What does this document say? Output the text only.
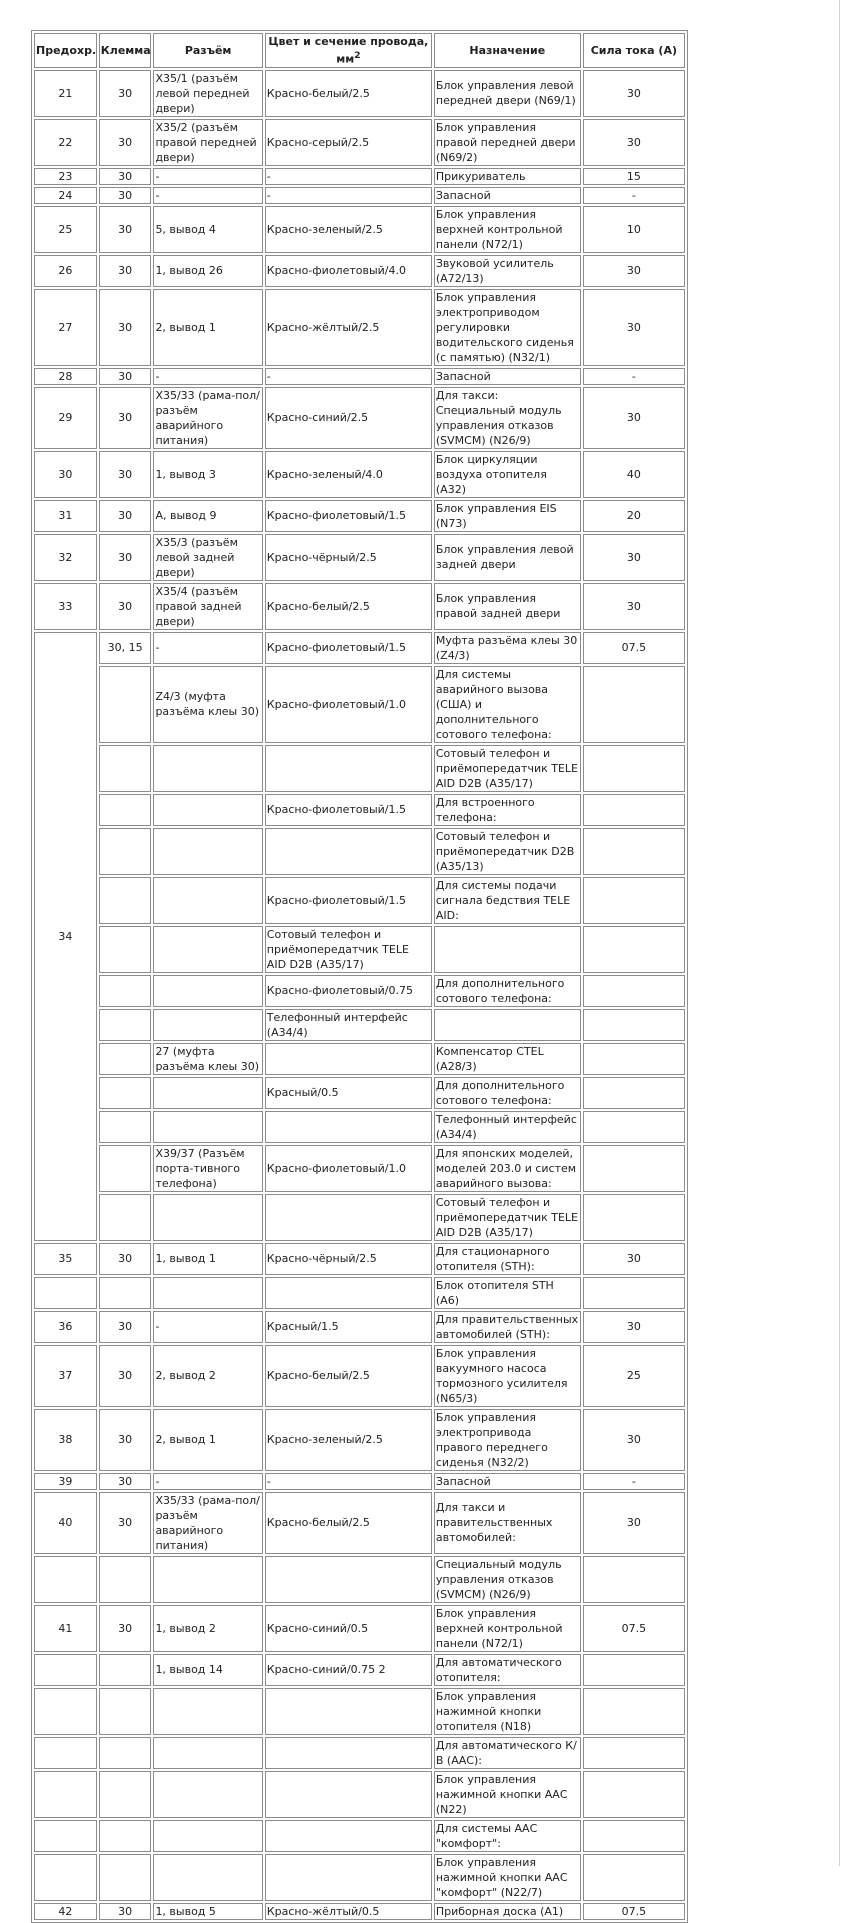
Предохр.	Клемма	Разъём	Цвет и сечение провода, $мм^2$	Назначение	Сила тока (А)
21	30	X35/1 (разъём левой передней двери)	Красно-белый/2.5	Блок управления левой передней двери (N69/1)	30
22	30	X35/2 (разъём правой передней двери)	Красно-серый/2.5	Блок управления правой передней двери (N69/2)	30
23	30	-	-	Прикуриватель	15
24	30	-	-	Запасной	-
25	30	5, вывод 4	Красно-зеленый/2.5	Блок управления верхней контрольной панели (N72/1)	10
26	30	1, вывод 26	Красно-фиолетовый/4.0	Звуковой усилитель (А72/13)	30
27	30	2, вывод 1	Красно-жёлтый/2.5	Блок управления электроприводом регулировки водительского сиденья (с памятью) (N32/1)	30
28	30	-	-	Запасной	-
29	30	X35/33 (рама-пол/ разъём аварийного питания)	Красно-синий/2.5	Для такси: Специальный модуль управления отказов (SVMCM) (N26/9)	30
30	30	1, вывод 3	Красно-зеленый/4.0	Блок циркуляции воздуха отопителя (А32)	40
31	30	А, вывод 9	Красно-фиолетовый/1.5	Блок управления EIS (N73)	20
32	30	X35/3 (разъём левой задней двери)	Красно-чёрный/2.5	Блок управления левой задней двери	30
33	30	X35/4 (разъём правой задней двери)	Красно-белый/2.5	Блок управления правой задней двери	30
34	30, 15	-	Красно-фиолетовый/1.5	Муфта разъёма клеы 30 (Z4/3)	07.5
		Z4/3 (муфта разъёма клеы 30)	Красно-фиолетовый/1.0	Для системы аварийного вызова (США) и дополнительного сотового телефона:	
				Сотовый телефон и приёмопередатчик TELE AID D2B (А35/17)	
			Красно-фиолетовый/1.5	Для встроенного телефона:	
				Сотовый телефон и приёмопередатчик D2B (А35/13)	
			Красно-фиолетовый/1.5	Для системы подачи сигнала бедствия TELE AID:	
			Сотовый телефон и приёмопередатчик TELE AID D2B (А35/17)		
			Красно-фиолетовый/0.75	Для дополнительного сотового телефона:	
			Телефонный интерфейс (А34/4)		
		27 (муфта разъёма клеы 30)		Компенсатор CTEL (А28/3)	
			Красный/0.5	Для дополнительного сотового телефона:	
				Телефонный интерфейс (А34/4)	
		X39/37 (Разъём порта-тивного телефона)	Красно-фиолетовый/1.0	Для японских моделей, моделей 203.0 и систем аварийного вызова:	
				Сотовый телефон и приёмопередатчик TELE AID D2B (А35/17)	
35	30	1, вывод 1	Красно-чёрный/2.5	Для стационарного отопителя (STH):	30
				Блок отопителя STH (А6)	
36	30	-	Красный/1.5	Для правительственных автомобилей (STH):	30
37	30	2, вывод 2	Красно-белый/2.5	Блок управления вакуумного насоса тормозного усилителя (N65/3)	25
38	30	2, вывод 1	Красно-зеленый/2.5	Блок управления электропривода правого переднего сиденья (N32/2)	30
39	30	-	-	Запасной	-
40	30	X35/33 (рама-пол/ разъём аварийного питания)	Красно-белый/2.5	Для такси и правительственных автомобилей:	30
				Специальный модуль управления отказов (SVMCM) (N26/9)	
41	30	1, вывод 2	Красно-синий/0.5	Блок управления верхней контрольной панели (N72/1)	07.5
		1, вывод 14	Красно-синий/0.75 2	Для автоматического отопителя:	
				Блок управления нажимной кнопки отопителя (N18)	
				Для автоматического К/В (ААС):	
				Блок управления нажимной кнопки ААС (N22)	
				Для системы ААС "комфорт":	
				Блок управления нажимной кнопки ААС "комфорт" (N22/7)	
42	30	1, вывод 5	Красно-жёлтый/0.5	Приборная доска (А1)	07.5
